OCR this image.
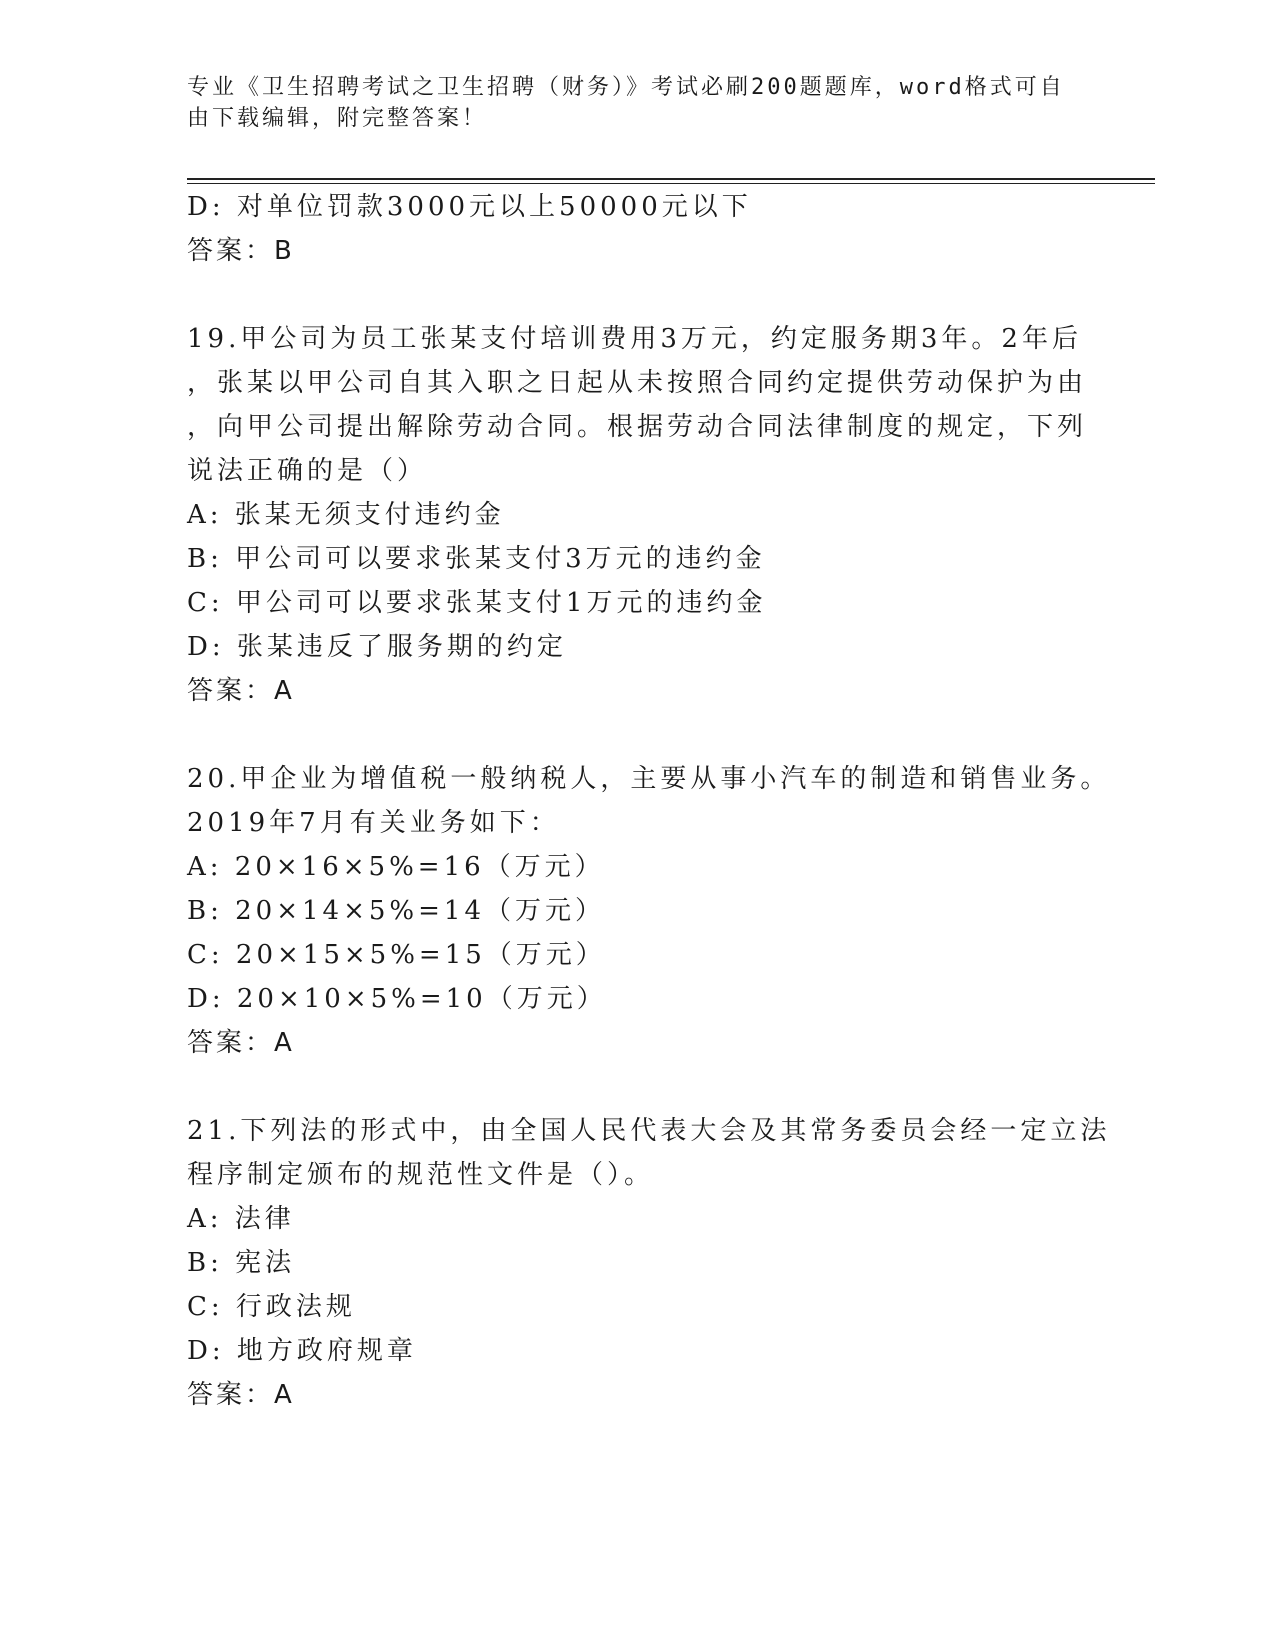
专业《卫生招聘考试之卫生招聘（财务）》考试必刷200题题库，word格式可自
由下载编辑，附完整答案！
D: 对单位罚款3000元以上50000元以下
答案：B
19.甲公司为员工张某支付培训费用3万元，约定服务期3年。2年后
，张某以甲公司自其入职之日起从未按照合同约定提供劳动保护为由
，向甲公司提出解除劳动合同。根据劳动合同法律制度的规定，下列
说法正确的是（）
A: 张某无须支付违约金
B: 甲公司可以要求张某支付3万元的违约金
C: 甲公司可以要求张某支付1万元的违约金
D: 张某违反了服务期的约定
答案：A
20.甲企业为增值税一般纳税人，主要从事小汽车的制造和销售业务。
2019年7月有关业务如下：
A: 20×16×5%=16（万元）
B: 20×14×5%=14（万元）
C: 20×15×5%=15（万元）
D: 20×10×5%=10（万元）
答案：A
21.下列法的形式中，由全国人民代表大会及其常务委员会经一定立法
程序制定颁布的规范性文件是（）。
A: 法律
B: 宪法
C: 行政法规
D: 地方政府规章
答案：A
